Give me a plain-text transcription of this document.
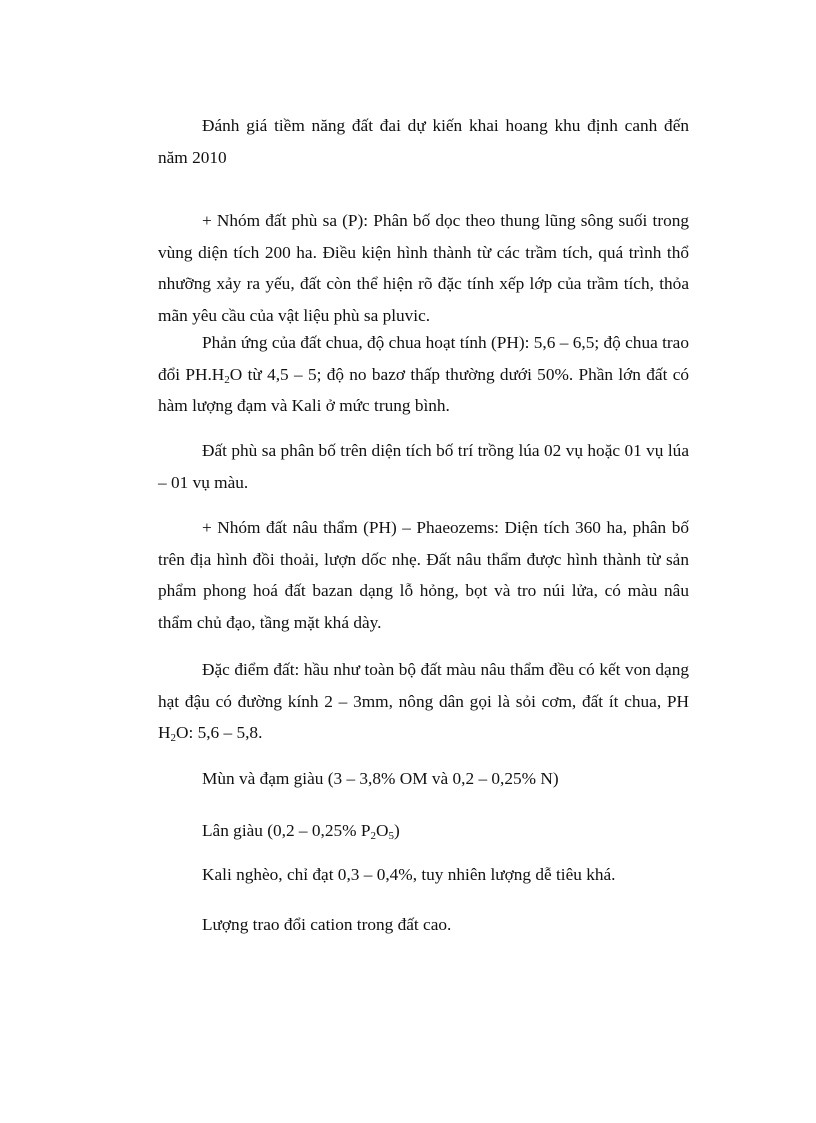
Đánh giá tiềm năng đất đai dự kiến khai hoang khu định canh đến năm 2010

+ Nhóm đất phù sa (P): Phân bố dọc theo thung lũng sông suối trong vùng diện tích 200 ha. Điều kiện hình thành từ các trầm tích, quá trình thổ nhưỡng xảy ra yếu, đất còn thể hiện rõ đặc tính xếp lớp của trầm tích, thỏa mãn yêu cầu của vật liệu phù sa pluvic.

Phản ứng của đất chua, độ chua hoạt tính (PH): 5,6 – 6,5; độ chua trao đổi $PH.H_2O$ từ 4,5 – 5; độ no bazơ thấp thường dưới 50%. Phần lớn đất có hàm lượng đạm và Kali ở mức trung bình.

Đất phù sa phân bố trên diện tích bố trí trồng lúa 02 vụ hoặc 01 vụ lúa – 01 vụ màu.

+ Nhóm đất nâu thẩm (PH) – Phaeozems: Diện tích 360 ha, phân bố trên địa hình đồi thoải, lượn dốc nhẹ. Đất nâu thẩm được hình thành từ sản phẩm phong hoá đất bazan dạng lỗ hỏng, bọt và tro núi lửa, có màu nâu thẩm chủ đạo, tầng mặt khá dày.

Đặc điểm đất: hầu như toàn bộ đất màu nâu thẩm đều có kết von dạng hạt đậu có đường kính 2 – 3mm, nông dân gọi là sỏi cơm, đất ít chua, PH $H_2O$: 5,6 – 5,8.

Mùn và đạm giàu (3 – 3,8% OM và 0,2 – 0,25% N)

Lân giàu (0,2 – 0,25% $P_2O_5$)

Kali nghèo, chỉ đạt 0,3 – 0,4%, tuy nhiên lượng dễ tiêu khá.

Lượng trao đổi cation trong đất cao.
